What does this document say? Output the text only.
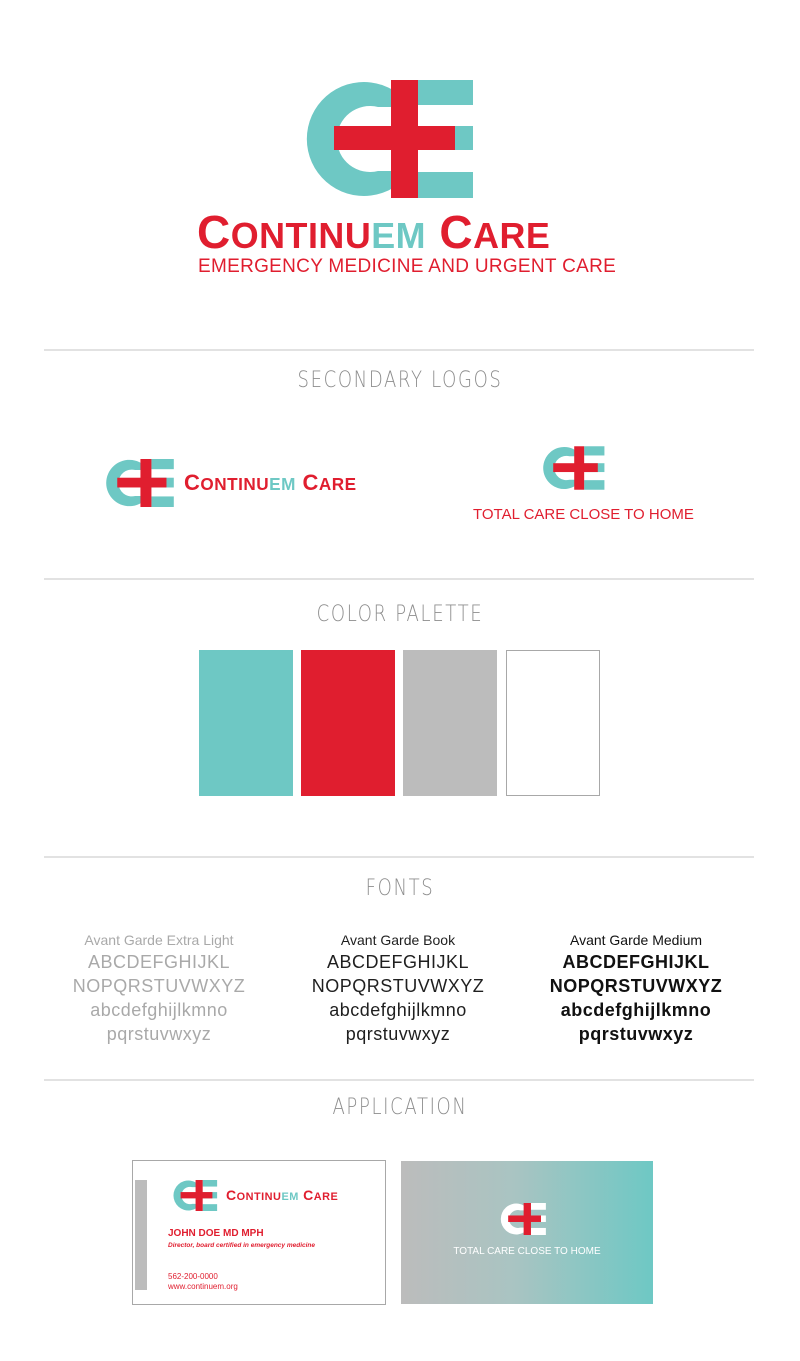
CONTINUEM CARE
EMERGENCY MEDICINE AND URGENT CARE
SECONDARY LOGOS
CONTINUEM CARE
TOTAL CARE CLOSE TO HOME
COLOR PALETTE
FONTS
Avant Garde Extra Light
ABCDEFGHIJKL
NOPQRSTUVWXYZ
abcdefghijlkmno
pqrstuvwxyz
Avant Garde Book
ABCDEFGHIJKL
NOPQRSTUVWXYZ
abcdefghijlkmno
pqrstuvwxyz
Avant Garde Medium
ABCDEFGHIJKL
NOPQRSTUVWXYZ
abcdefghijlkmno
pqrstuvwxyz
APPLICATION
CONTINUEM CARE
JOHN DOE MD MPH
Director, board certified in emergency medicine
562-200-0000
www.continuem.org
TOTAL CARE CLOSE TO HOME
